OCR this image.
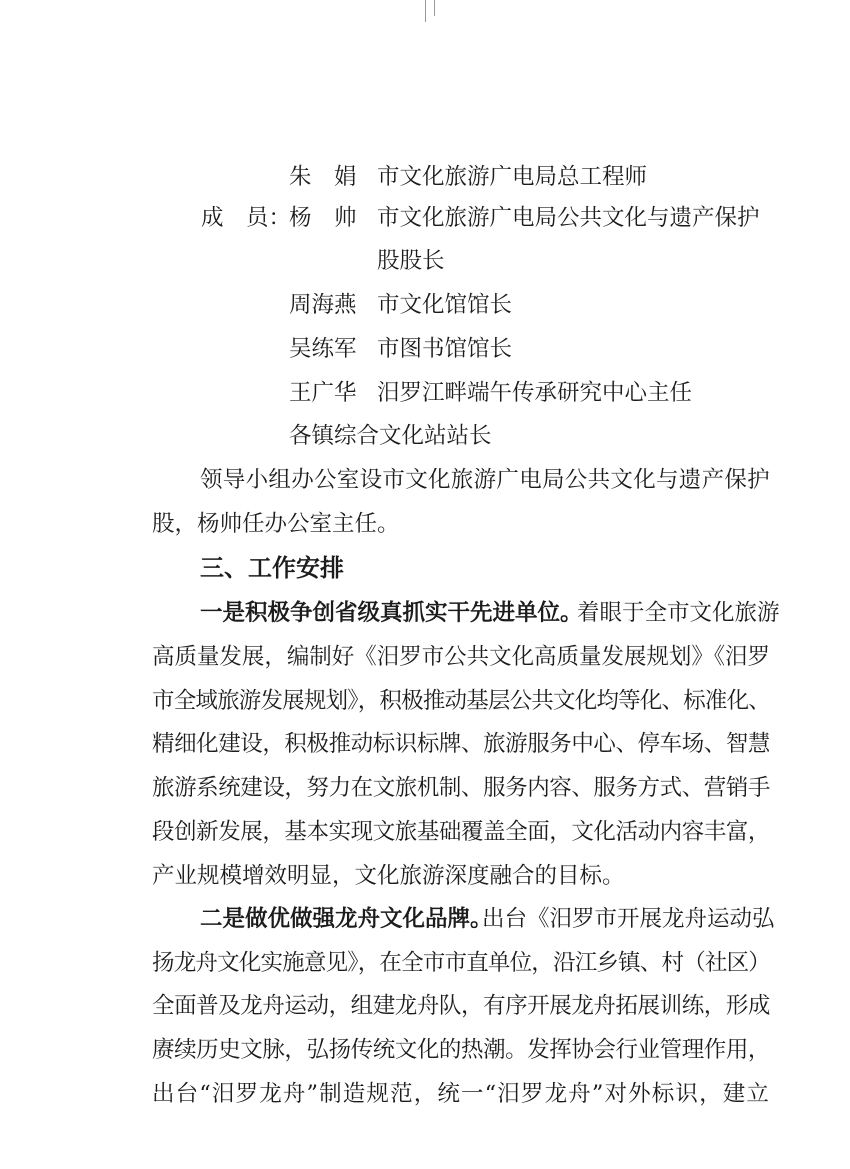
朱　娟 市文化旅游广电局总工程师
成　员：
杨　帅 市文化旅游广电局公共文化与遗产保护
股股长
周海燕 市文化馆馆长
吴练军 市图书馆馆长
王广华 汨罗江畔端午传承研究中心主任
各镇综合文化站站长
领导小组办公室设市文化旅游广电局公共文化与遗产保护
股，杨帅任办公室主任。
三、工作安排
一是积极争创省级真抓实干先进单位。
着眼于全市文化旅游
高质量发展，编制好《汨罗市公共文化高质量发展规划》《汨罗
市全域旅游发展规划》，积极推动基层公共文化均等化、标准化、
精细化建设，积极推动标识标牌、旅游服务中心、停车场、智慧
旅游系统建设，努力在文旅机制、服务内容、服务方式、营销手
段创新发展，基本实现文旅基础覆盖全面，文化活动内容丰富，
产业规模增效明显，文化旅游深度融合的目标。
二是做优做强龙舟文化品牌。
出台《汨罗市开展龙舟运动弘
扬龙舟文化实施意见》，在全市市直单位，沿江乡镇、村（社区）
全面普及龙舟运动，组建龙舟队，有序开展龙舟拓展训练，形成
赓续历史文脉，弘扬传统文化的热潮。发挥协会行业管理作用，
出台“汨罗龙舟”制造规范，统一“汨罗龙舟”对外标识，建立
